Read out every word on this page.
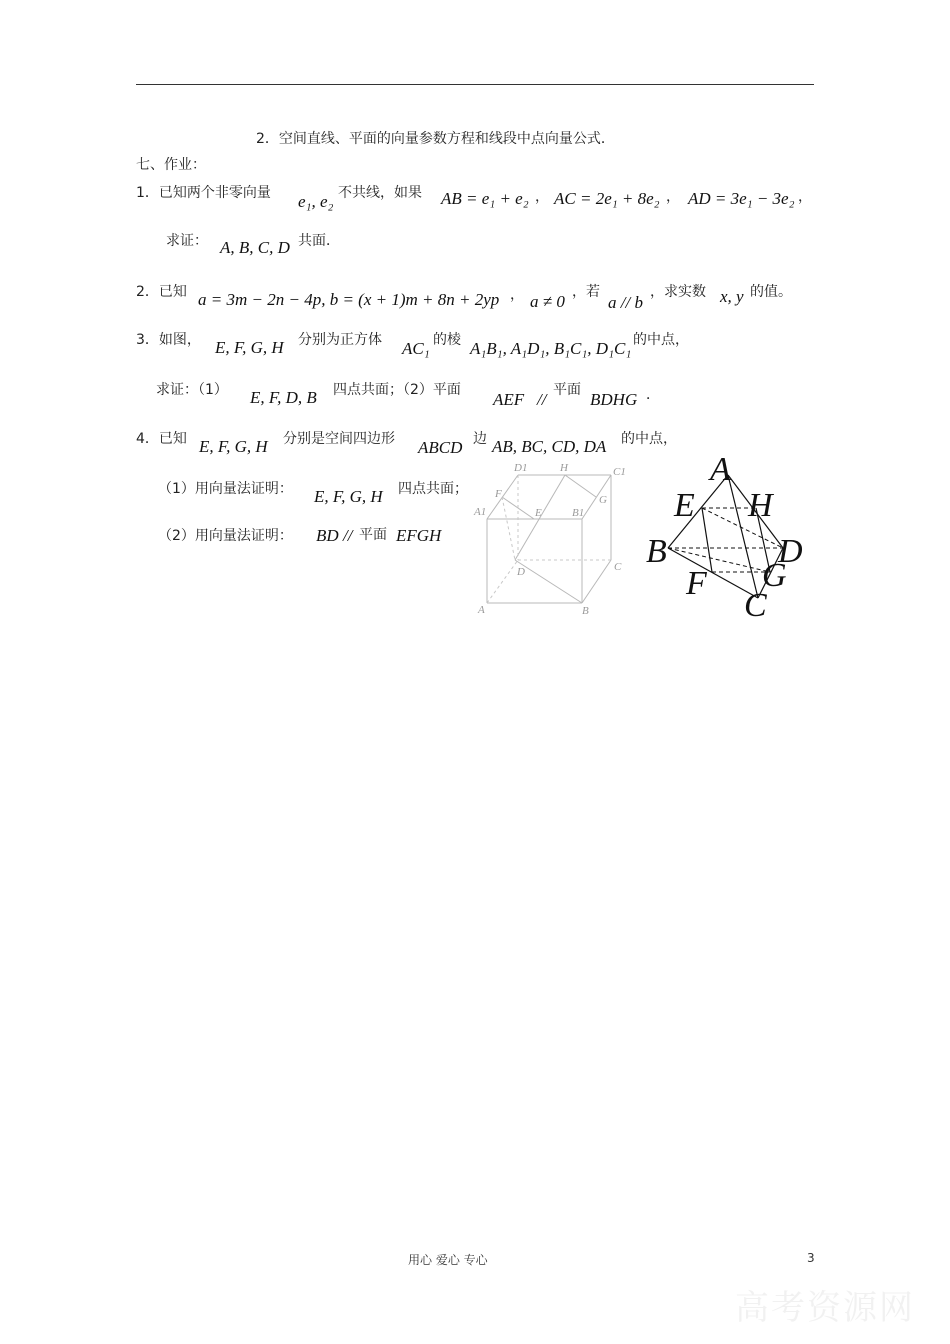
2．空间直线、平面的向量参数方程和线段中点向量公式．
七、作业：
1．已知两个非零向量 e₁, e₂ 不共线，如果 AB = e₁ + e₂ ， AC = 2e₁ + 8e₂ ， AD = 3e₁ − 3e₂ ，
求证： A, B, C, D 共面．
2．已知 a = 3m − 2n − 4p, b = (x + 1)m + 8n + 2yp ， a ≠ 0 ，若
a // b
，求实数 x, y 的值。
3．如图， E, F, G, H 分别为正方体 AC₁ 的棱 A₁B₁, A₁D₁, B₁C₁, D₁C₁ 的中点，
求证：（1） E, F, D, B 四点共面；（2）平面 AEF // 平面 BDHG ．
4．已知 E, F, G, H 分别是空间四边形 ABCD 边 AB, BC, CD, DA 的中点，
（1）用向量法证明： E, F, G, H 四点共面；
（2）用向量法证明： BD // 平面 EFGH
D1	H	C1
F
A1	E	B1
G
D	C
A	B
A
E H
B	D
F G
C
用心 爱心 专心	3
高考资源网
